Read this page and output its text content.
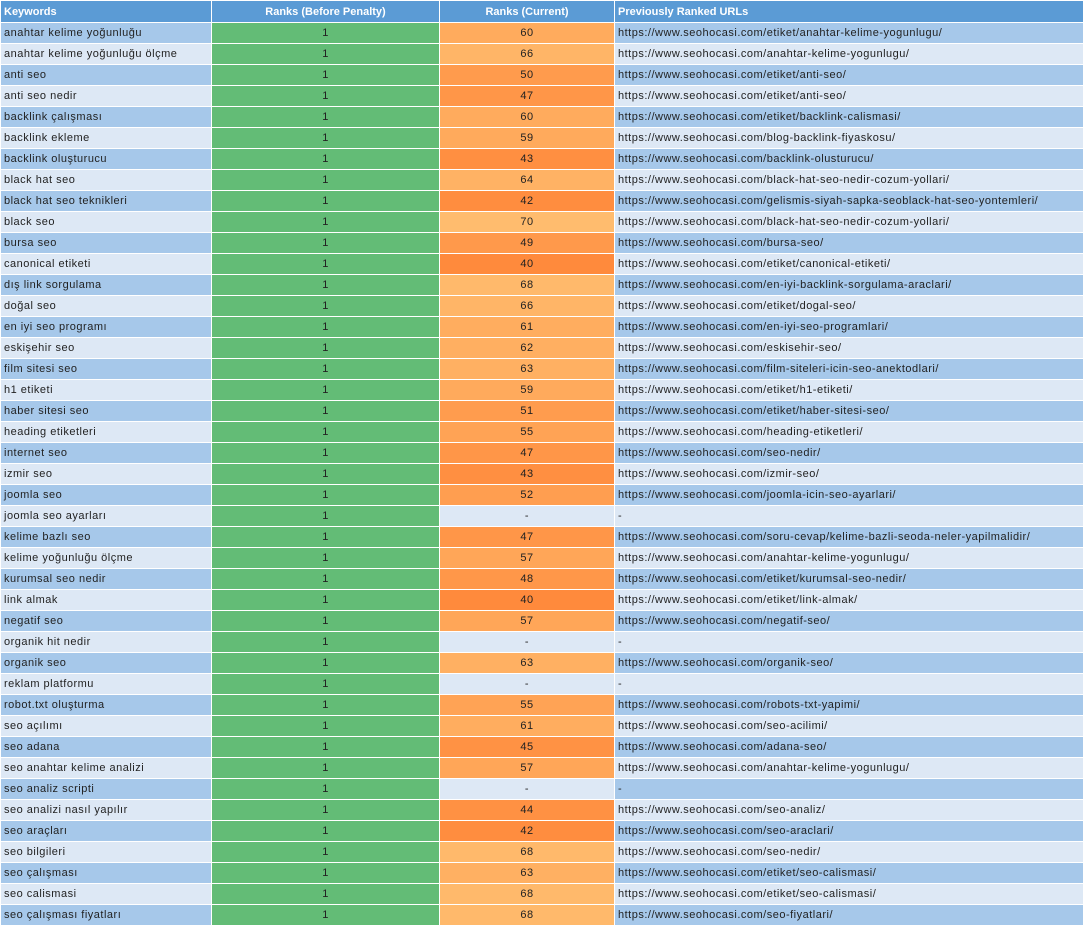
Keywords	Ranks (Before Penalty)	Ranks (Current)	Previously Ranked URLs
anahtar kelime yoğunluğu	1	60	https://www.seohocasi.com/etiket/anahtar-kelime-yogunlugu/
anahtar kelime yoğunluğu ölçme	1	66	https://www.seohocasi.com/anahtar-kelime-yogunlugu/
anti seo	1	50	https://www.seohocasi.com/etiket/anti-seo/
anti seo nedir	1	47	https://www.seohocasi.com/etiket/anti-seo/
backlink çalışması	1	60	https://www.seohocasi.com/etiket/backlink-calismasi/
backlink ekleme	1	59	https://www.seohocasi.com/blog-backlink-fiyaskosu/
backlink oluşturucu	1	43	https://www.seohocasi.com/backlink-olusturucu/
black hat seo	1	64	https://www.seohocasi.com/black-hat-seo-nedir-cozum-yollari/
black hat seo teknikleri	1	42	https://www.seohocasi.com/gelismis-siyah-sapka-seoblack-hat-seo-yontemleri/
black seo	1	70	https://www.seohocasi.com/black-hat-seo-nedir-cozum-yollari/
bursa seo	1	49	https://www.seohocasi.com/bursa-seo/
canonical etiketi	1	40	https://www.seohocasi.com/etiket/canonical-etiketi/
dış link sorgulama	1	68	https://www.seohocasi.com/en-iyi-backlink-sorgulama-araclari/
doğal seo	1	66	https://www.seohocasi.com/etiket/dogal-seo/
en iyi seo programı	1	61	https://www.seohocasi.com/en-iyi-seo-programlari/
eskişehir seo	1	62	https://www.seohocasi.com/eskisehir-seo/
film sitesi seo	1	63	https://www.seohocasi.com/film-siteleri-icin-seo-anektodlari/
h1 etiketi	1	59	https://www.seohocasi.com/etiket/h1-etiketi/
haber sitesi seo	1	51	https://www.seohocasi.com/etiket/haber-sitesi-seo/
heading etiketleri	1	55	https://www.seohocasi.com/heading-etiketleri/
internet seo	1	47	https://www.seohocasi.com/seo-nedir/
izmir seo	1	43	https://www.seohocasi.com/izmir-seo/
joomla seo	1	52	https://www.seohocasi.com/joomla-icin-seo-ayarlari/
joomla seo ayarları	1	-	-
kelime bazlı seo	1	47	https://www.seohocasi.com/soru-cevap/kelime-bazli-seoda-neler-yapilmalidir/
kelime yoğunluğu ölçme	1	57	https://www.seohocasi.com/anahtar-kelime-yogunlugu/
kurumsal seo nedir	1	48	https://www.seohocasi.com/etiket/kurumsal-seo-nedir/
link almak	1	40	https://www.seohocasi.com/etiket/link-almak/
negatif seo	1	57	https://www.seohocasi.com/negatif-seo/
organik hit nedir	1	-	-
organik seo	1	63	https://www.seohocasi.com/organik-seo/
reklam platformu	1	-	-
robot.txt oluşturma	1	55	https://www.seohocasi.com/robots-txt-yapimi/
seo açılımı	1	61	https://www.seohocasi.com/seo-acilimi/
seo adana	1	45	https://www.seohocasi.com/adana-seo/
seo anahtar kelime analizi	1	57	https://www.seohocasi.com/anahtar-kelime-yogunlugu/
seo analiz scripti	1	-	-
seo analizi nasıl yapılır	1	44	https://www.seohocasi.com/seo-analiz/
seo araçları	1	42	https://www.seohocasi.com/seo-araclari/
seo bilgileri	1	68	https://www.seohocasi.com/seo-nedir/
seo çalışması	1	63	https://www.seohocasi.com/etiket/seo-calismasi/
seo calismasi	1	68	https://www.seohocasi.com/etiket/seo-calismasi/
seo çalışması fiyatları	1	68	https://www.seohocasi.com/seo-fiyatlari/
